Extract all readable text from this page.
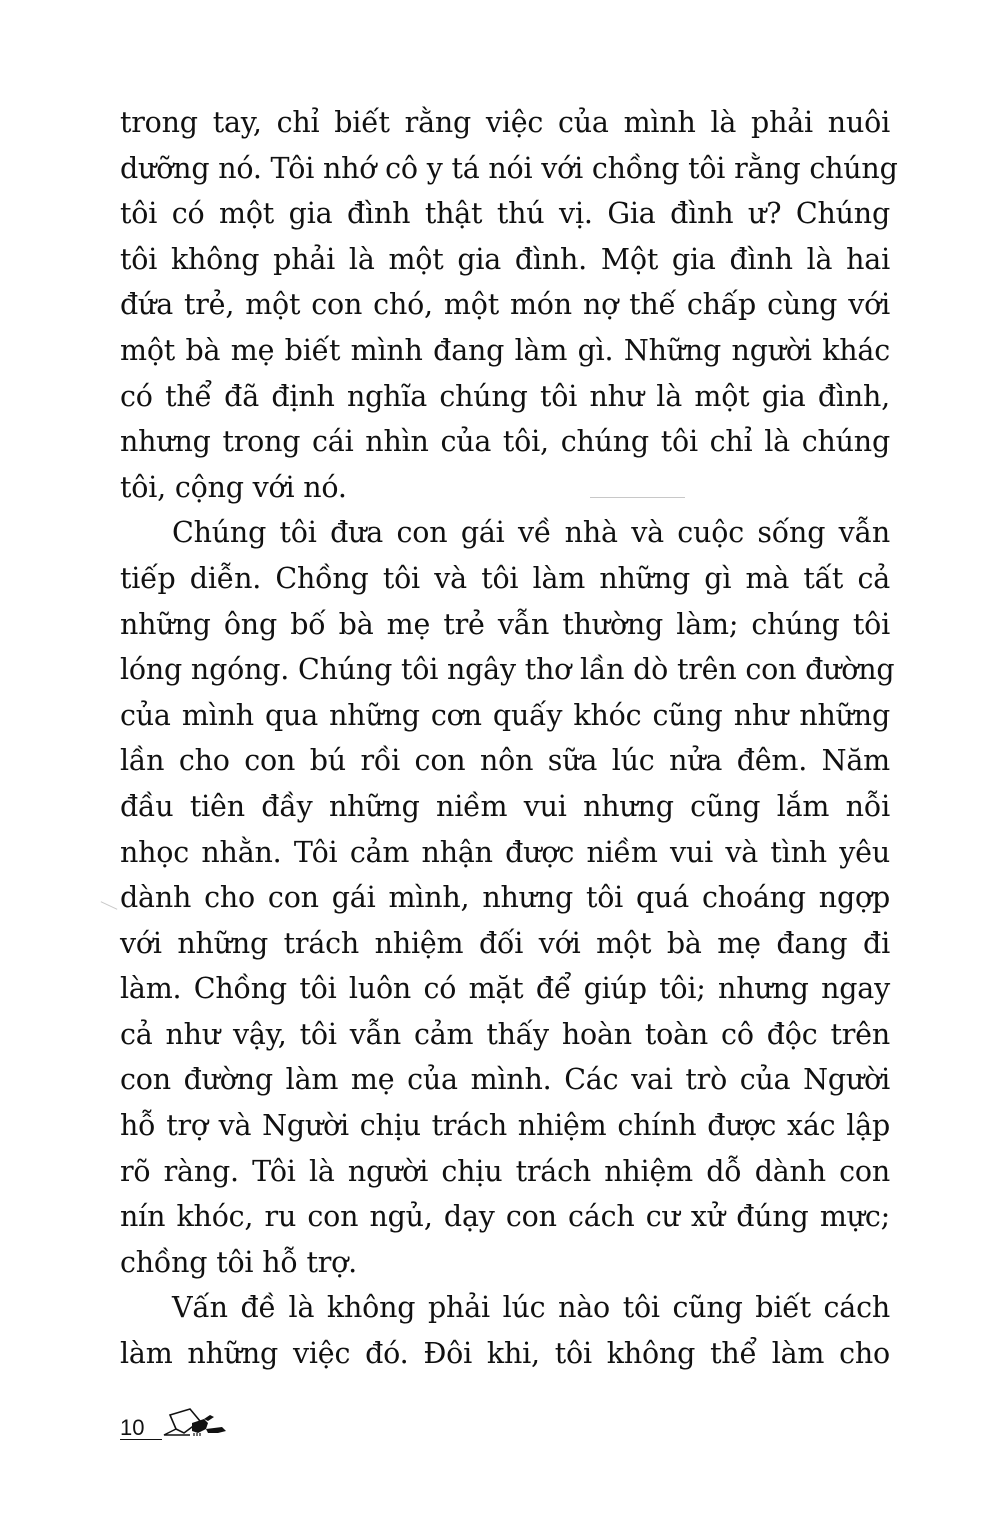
trong tay, chỉ biết rằng việc của mình là phải nuôi
dưỡng nó. Tôi nhớ cô y tá nói với chồng tôi rằng chúng
tôi có một gia đình thật thú vị. Gia đình ư? Chúng
tôi không phải là một gia đình. Một gia đình là hai
đứa trẻ, một con chó, một món nợ thế chấp cùng với
một bà mẹ biết mình đang làm gì. Những người khác
có thể đã định nghĩa chúng tôi như là một gia đình,
nhưng trong cái nhìn của tôi, chúng tôi chỉ là chúng
tôi, cộng với nó.
Chúng tôi đưa con gái về nhà và cuộc sống vẫn
tiếp diễn. Chồng tôi và tôi làm những gì mà tất cả
những ông bố bà mẹ trẻ vẫn thường làm; chúng tôi
lóng ngóng. Chúng tôi ngây thơ lần dò trên con đường
của mình qua những cơn quấy khóc cũng như những
lần cho con bú rồi con nôn sữa lúc nửa đêm. Năm
đầu tiên đầy những niềm vui nhưng cũng lắm nỗi
nhọc nhằn. Tôi cảm nhận được niềm vui và tình yêu
dành cho con gái mình, nhưng tôi quá choáng ngợp
với những trách nhiệm đối với một bà mẹ đang đi
làm. Chồng tôi luôn có mặt để giúp tôi; nhưng ngay
cả như vậy, tôi vẫn cảm thấy hoàn toàn cô độc trên
con đường làm mẹ của mình. Các vai trò của Người
hỗ trợ và Người chịu trách nhiệm chính được xác lập
rõ ràng. Tôi là người chịu trách nhiệm dỗ dành con
nín khóc, ru con ngủ, dạy con cách cư xử đúng mực;
chồng tôi hỗ trợ.
Vấn đề là không phải lúc nào tôi cũng biết cách
làm những việc đó. Đôi khi, tôi không thể làm cho
10
